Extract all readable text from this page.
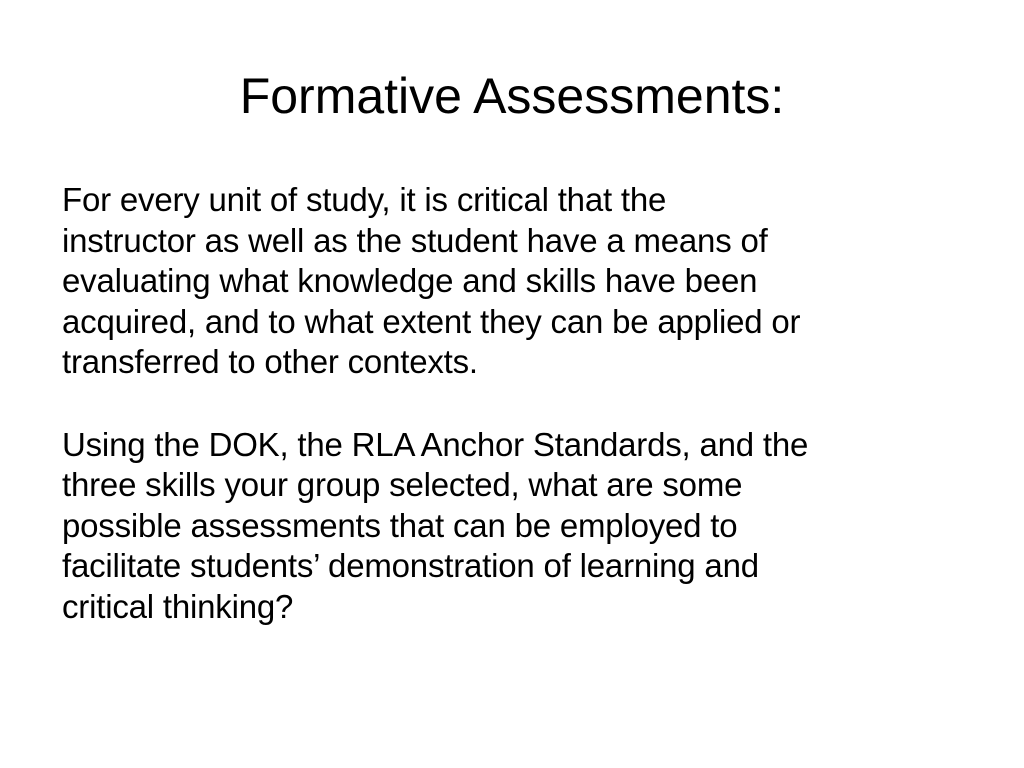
Formative Assessments:

For every unit of study, it is critical that the
instructor as well as the student have a means of
evaluating what knowledge and skills have been
acquired, and to what extent they can be applied or
transferred to other contexts.

Using the DOK, the RLA Anchor Standards, and the
three skills your group selected, what are some
possible assessments that can be employed to
facilitate students’ demonstration of learning and
critical thinking?
